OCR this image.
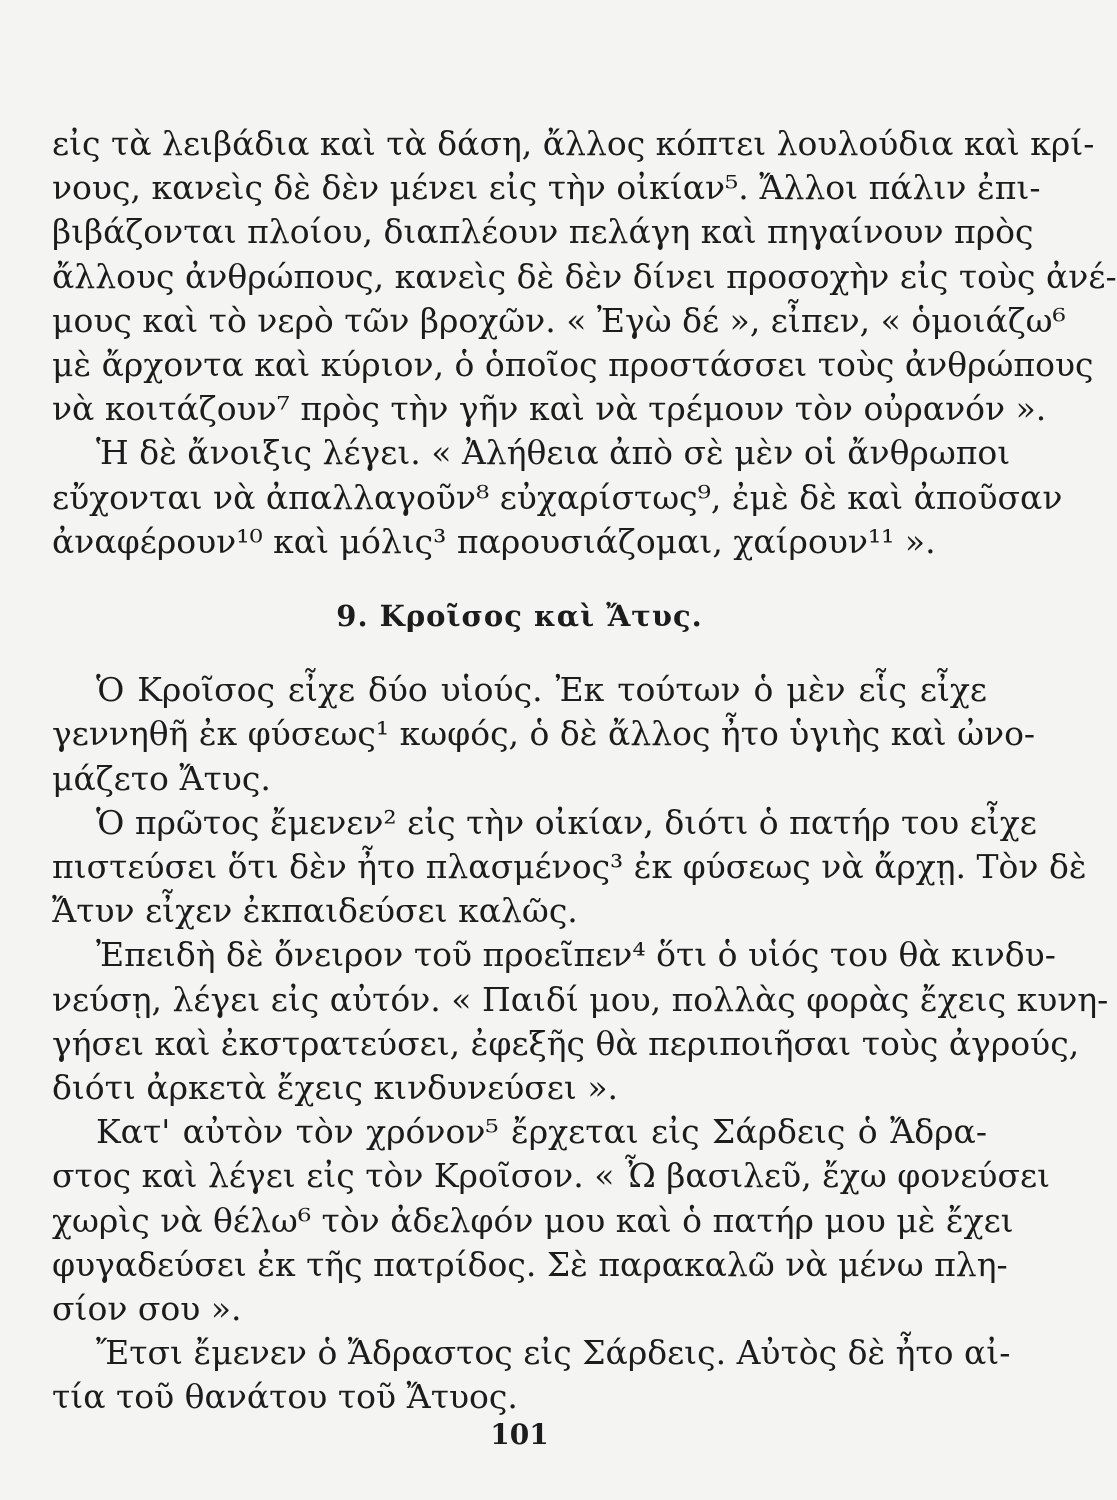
εἰς τὰ λειβάδια καὶ τὰ δάση, ἄλλος κόπτει λουλούδια καὶ κρί-
νους, κανεὶς δὲ δὲν μένει εἰς τὴν οἰκίαν⁵. Ἄλλοι πάλιν ἐπι-
βιβάζονται πλοίου, διαπλέουν πελάγη καὶ πηγαίνουν πρὸς
ἄλλους ἀνθρώπους, κανεὶς δὲ δὲν δίνει προσοχὴν εἰς τοὺς ἀνέ-
μους καὶ τὸ νερὸ τῶν βροχῶν. « Ἐγὼ δέ », εἶπεν, « ὁμοιάζω⁶
μὲ ἄρχοντα καὶ κύριον, ὁ ὁποῖος προστάσσει τοὺς ἀνθρώπους
νὰ κοιτάζουν⁷ πρὸς τὴν γῆν καὶ νὰ τρέμουν τὸν οὐρανόν ».
Ἡ δὲ ἄνοιξις λέγει. « Ἀλήθεια ἀπὸ σὲ μὲν οἱ ἄνθρωποι
εὔχονται νὰ ἀπαλλαγοῦν⁸ εὐχαρίστως⁹, ἐμὲ δὲ καὶ ἀποῦσαν
ἀναφέρουν¹⁰ καὶ μόλις³ παρουσιάζομαι, χαίρουν¹¹ ».
9. Κροῖσος καὶ Ἄτυς.
Ὁ Κροῖσος εἶχε δύο υἱούς. Ἐκ τούτων ὁ μὲν εἷς εἶχε
γεννηθῆ ἐκ φύσεως¹ κωφός, ὁ δὲ ἄλλος ἦτο ὑγιὴς καὶ ὠνο-
μάζετο Ἄτυς.
Ὁ πρῶτος ἔμενεν² εἰς τὴν οἰκίαν, διότι ὁ πατήρ του εἶχε
πιστεύσει ὅτι δὲν ἦτο πλασμένος³ ἐκ φύσεως νὰ ἄρχῃ. Τὸν δὲ
Ἄτυν εἶχεν ἐκπαιδεύσει καλῶς.
Ἐπειδὴ δὲ ὄνειρον τοῦ προεῖπεν⁴ ὅτι ὁ υἱός του θὰ κινδυ-
νεύσῃ, λέγει εἰς αὐτόν. « Παιδί μου, πολλὰς φορὰς ἔχεις κυνη-
γήσει καὶ ἐκστρατεύσει, ἐφεξῆς θὰ περιποιῆσαι τοὺς ἀγρούς,
διότι ἀρκετὰ ἔχεις κινδυνεύσει ».
Κατ' αὐτὸν τὸν χρόνον⁵ ἔρχεται εἰς Σάρδεις ὁ Ἄδρα-
στος καὶ λέγει εἰς τὸν Κροῖσον. « Ὦ βασιλεῦ, ἔχω φονεύσει
χωρὶς νὰ θέλω⁶ τὸν ἀδελφόν μου καὶ ὁ πατήρ μου μὲ ἔχει
φυγαδεύσει ἐκ τῆς πατρίδος. Σὲ παρακαλῶ νὰ μένω πλη-
σίον σου ».
Ἔτσι ἔμενεν ὁ Ἄδραστος εἰς Σάρδεις. Αὐτὸς δὲ ἦτο αἰ-
τία τοῦ θανάτου τοῦ Ἄτυος.
101
